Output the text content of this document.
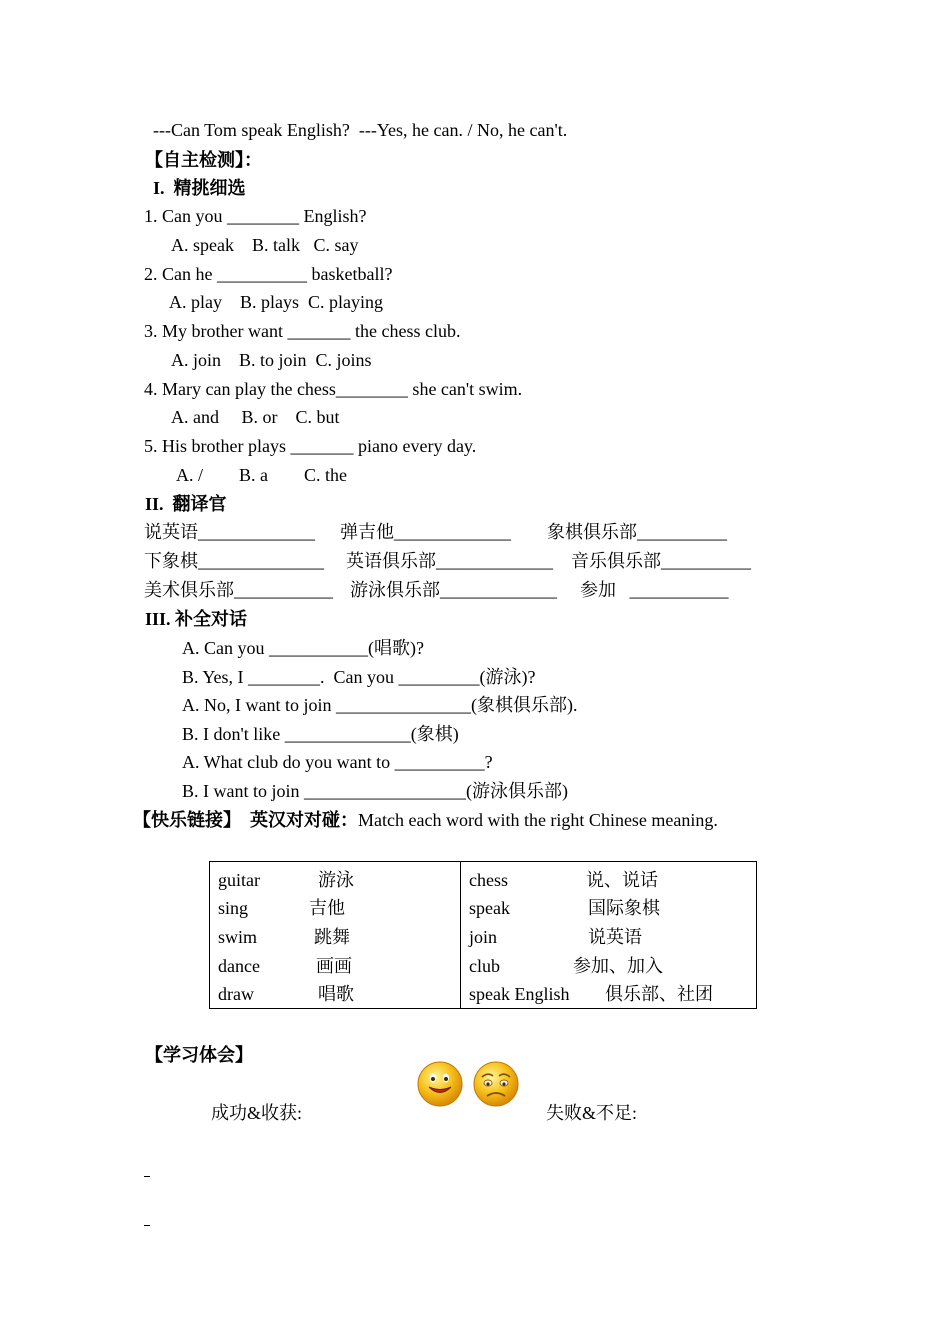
---Can Tom speak English?  ---Yes, he can. / No, he can't.
【自主检测】：
I.  精挑细选
1. Can you ________ English?
A. speak    B. talk   C. say
2. Can he __________ basketball?
A. play    B. plays  C. playing
3. My brother want _______ the chess club.
A. join    B. to join  C. joins
4. Mary can play the chess________ she can't swim.
A. and     B. or    C. but
5. His brother plays _______ piano every day.
A. /        B. a        C. the
II.  翻译官
说英语_____________ 弹吉他_____________ 象棋俱乐部__________
下象棋______________ 英语俱乐部_____________ 音乐俱乐部__________
美术俱乐部___________ 游泳俱乐部_____________ 参加   ___________
III. 补全对话
A. Can you ___________(唱歌)?
B. Yes, I ________.  Can you _________(游泳)?
A. No, I want to join _______________(象棋俱乐部).
B. I don't like ______________(象棋)
A. What club do you want to __________?
B. I want to join __________________(游泳俱乐部)
【快乐链接】  英汉对对碰：Match each word with the right Chinese meaning.
guitar
sing
swim
dance
draw
游泳
吉他
跳舞
画画
唱歌
chess
speak
join
club
speak English
说、说话
国际象棋
说英语
参加、加入
俱乐部、社团
【学习体会】
成功&收获:	失败&不足:
